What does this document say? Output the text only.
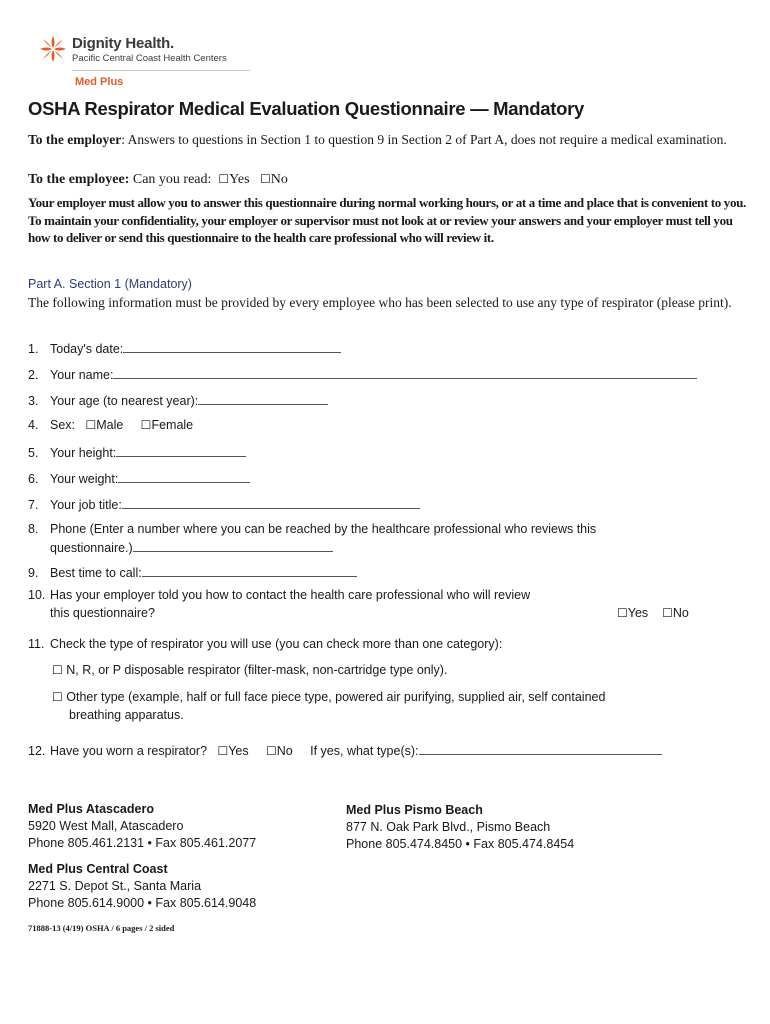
Dignity Health.
Pacific Central Coast Health Centers
Med Plus
OSHA Respirator Medical Evaluation Questionnaire — Mandatory
To the employer: Answers to questions in Section 1 to question 9 in Section 2 of Part A, does not require a medical examination.
To the employee: Can you read: ☐Yes ☐No
Your employer must allow you to answer this questionnaire during normal working hours, or at a time and place that is convenient to you. To maintain your confidentiality, your employer or supervisor must not look at or review your answers and your employer must tell you how to deliver or send this questionnaire to the health care professional who will review it.
Part A. Section 1 (Mandatory)
The following information must be provided by every employee who has been selected to use any type of respirator (please print).
1. Today's date:
2. Your name:
3. Your age (to nearest year):
4. Sex: ☐Male ☐Female
5. Your height:
6. Your weight:
7. Your job title:
8. Phone (Enter a number where you can be reached by the healthcare professional who reviews this
questionnaire.)
9. Best time to call:
10. Has your employer told you how to contact the health care professional who will review
this questionnaire?	☐Yes ☐No
11. Check the type of respirator you will use (you can check more than one category):
☐ N, R, or P disposable respirator (filter-mask, non-cartridge type only).
☐ Other type (example, half or full face piece type, powered air purifying, supplied air, self contained
breathing apparatus.
12. Have you worn a respirator? ☐Yes ☐No If yes, what type(s):
Med Plus Atascadero
5920 West Mall, Atascadero
Phone 805.461.2131 • Fax 805.461.2077
Med Plus Pismo Beach
877 N. Oak Park Blvd., Pismo Beach
Phone 805.474.8450 • Fax 805.474.8454
Med Plus Central Coast
2271 S. Depot St., Santa Maria
Phone 805.614.9000 • Fax 805.614.9048
71888-13 (4/19) OSHA / 6 pages / 2 sided
